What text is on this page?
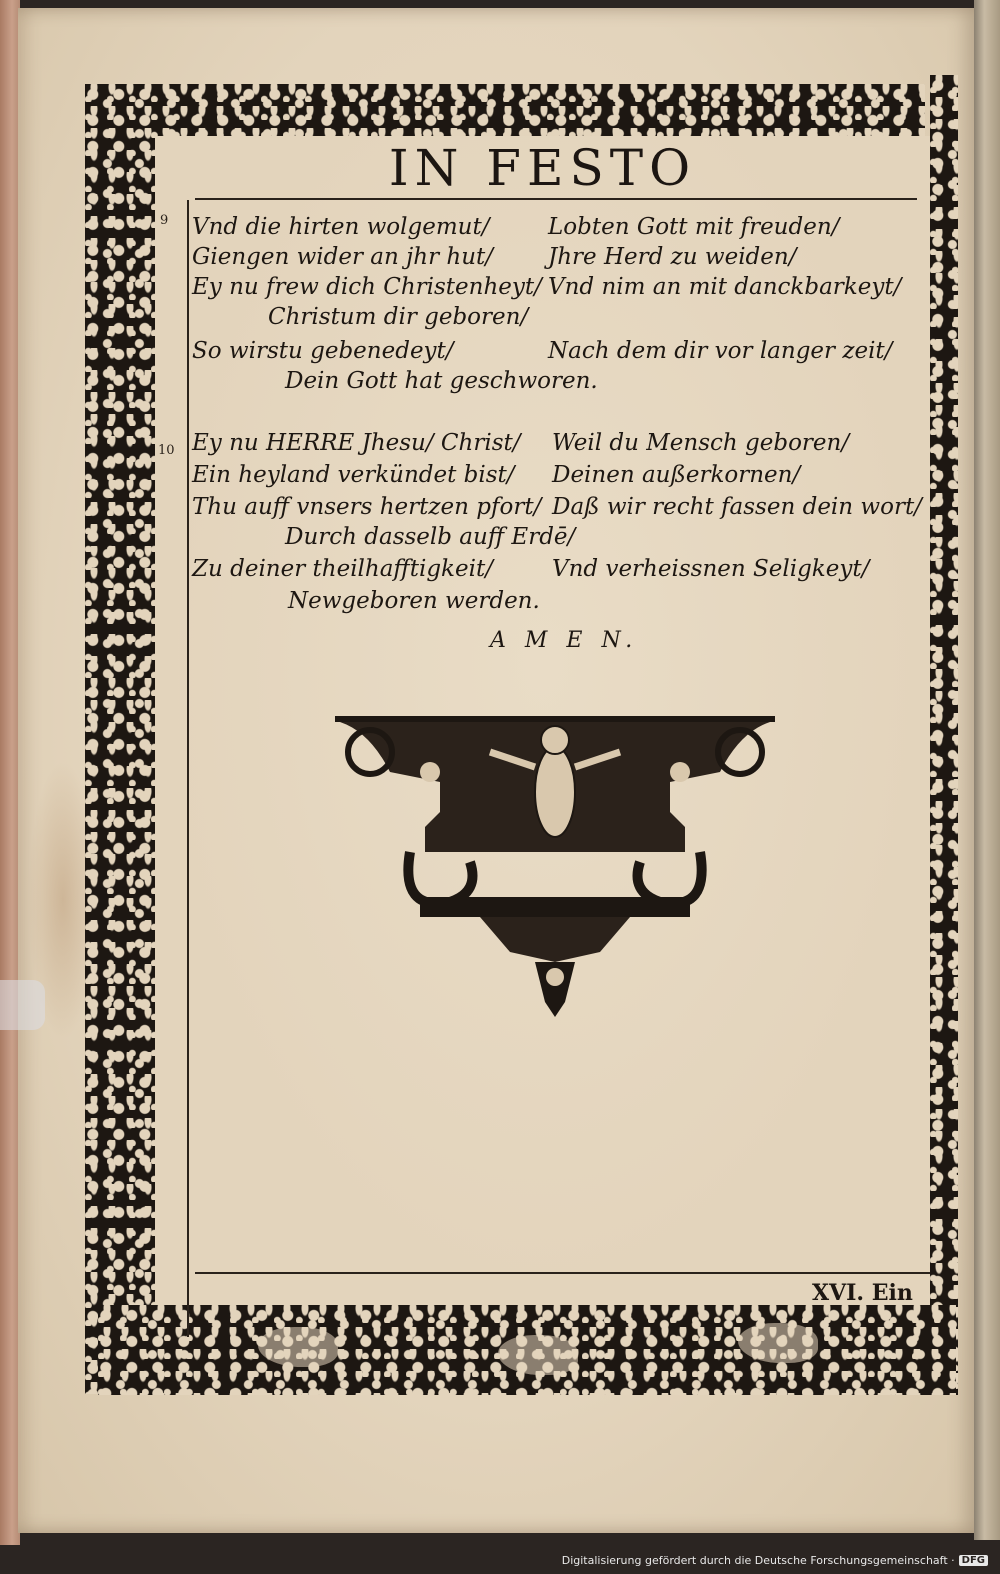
IN FESTO
9 Vnd die hirten wolgemut/	Lobten Gott mit freuden/
Giengen wider an jhr hut/ Jhre Herd zu weiden/
Ey nu frew dich Christenheyt/ Vnd nim an mit danckbarkeyt/
Christum dir geboren/
So wirstu gebenedeyt/	Nach dem dir vor langer zeit/
Dein Gott hat geschworen.
10 Ey nu HERRE Jhesu/ Christ/ Weil du Mensch geboren/
Ein heyland verkündet bist/ Deinen außerkornen/
Thu auff vnsers hertzen pfort/ Daß wir recht fassen dein wort/
Durch dasselb auff Erdē/
Zu deiner theilhafftigkeit/	Vnd verheissnen Seligkeyt/
Newgeboren werden.
A M E N.
XVI. Ein
Digitalisierung gefördert durch die Deutsche Forschungsgemeinschaft · DFG
